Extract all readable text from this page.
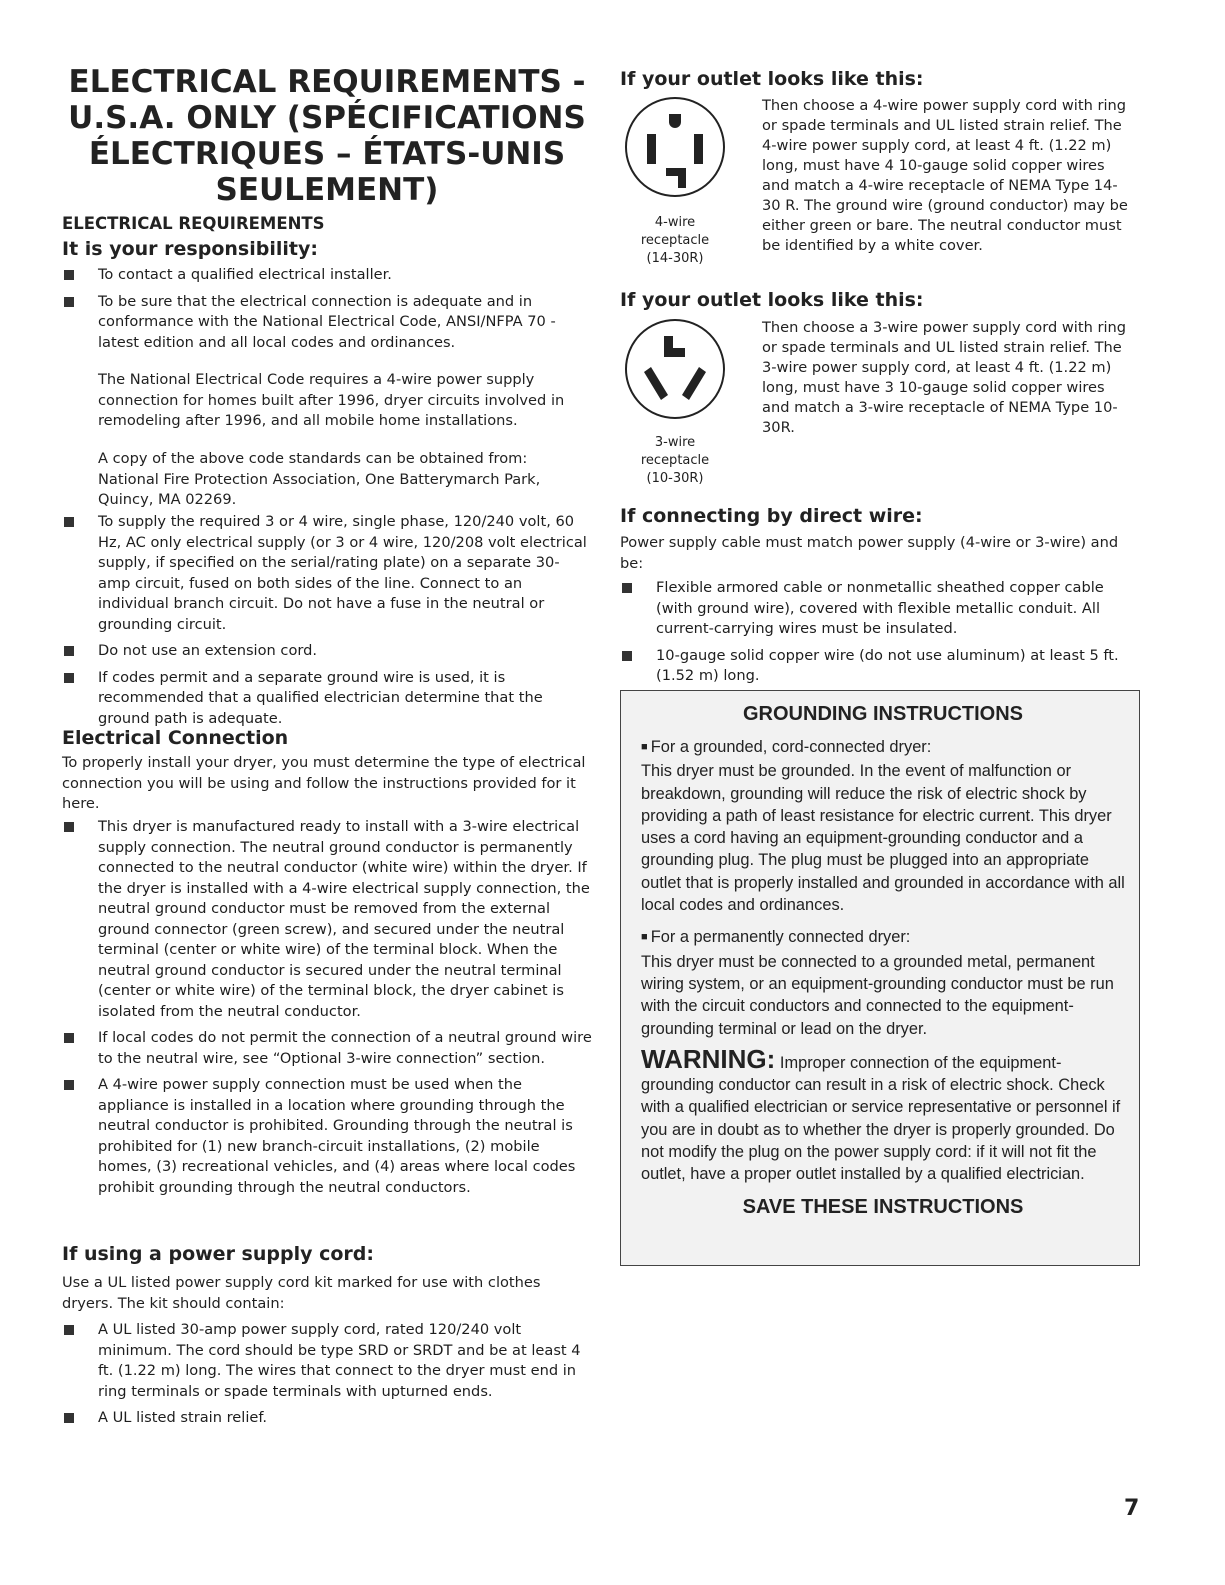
ELECTRICAL REQUIREMENTS -
U.S.A. ONLY (SPÉCIFICATIONS
ÉLECTRIQUES – ÉTATS-UNIS
SEULEMENT)
ELECTRICAL REQUIREMENTS
It is your responsibility:
To contact a qualified electrical installer.
To be sure that the electrical connection is adequate and in conformance with the National Electrical Code, ANSI/NFPA 70 - latest edition and all local codes and ordinances.

The National Electrical Code requires a 4-wire power supply connection for homes built after 1996, dryer circuits involved in remodeling after 1996, and all mobile home installations.

A copy of the above code standards can be obtained from: National Fire Protection Association, One Batterymarch Park, Quincy, MA 02269.

To supply the required 3 or 4 wire, single phase, 120/240 volt, 60 Hz, AC only electrical supply (or 3 or 4 wire, 120/208 volt electrical supply, if specified on the serial/rating plate) on a separate 30-amp circuit, fused on both sides of the line. Connect to an individual branch circuit. Do not have a fuse in the neutral or grounding circuit.
Do not use an extension cord.
If codes permit and a separate ground wire is used, it is recommended that a qualified electrician determine that the ground path is adequate.
Electrical Connection

To properly install your dryer, you must determine the type of electrical connection you will be using and follow the instructions provided for it here.

This dryer is manufactured ready to install with a 3-wire electrical supply connection. The neutral ground conductor is permanently connected to the neutral conductor (white wire) within the dryer. If the dryer is installed with a 4-wire electrical supply connection, the neutral ground conductor must be removed from the external ground connector (green screw), and secured under the neutral terminal (center or white wire) of the terminal block. When the neutral ground conductor is secured under the neutral terminal (center or white wire) of the terminal block, the dryer cabinet is isolated from the neutral conductor.
If local codes do not permit the connection of a neutral ground wire to the neutral wire, see “Optional 3-wire connection” section.
A 4-wire power supply connection must be used when the appliance is installed in a location where grounding through the neutral conductor is prohibited. Grounding through the neutral is prohibited for (1) new branch-circuit installations, (2) mobile homes, (3) recreational vehicles, and (4) areas where local codes prohibit grounding through the neutral conductors.
If using a power supply cord:

Use a UL listed power supply cord kit marked for use with clothes dryers. The kit should contain:

A UL listed 30-amp power supply cord, rated 120/240 volt minimum. The cord should be type SRD or SRDT and be at least 4 ft. (1.22 m) long. The wires that connect to the dryer must end in ring terminals or spade terminals with upturned ends.
A UL listed strain relief.
If your outlet looks like this:
4-wire
receptacle
(14-30R)

Then choose a 4-wire power supply cord with ring or spade terminals and UL listed strain relief. The 4-wire power supply cord, at least 4 ft. (1.22 m) long, must have 4 10-gauge solid copper wires and match a 4-wire receptacle of NEMA Type 14-30 R. The ground wire (ground conductor) may be either green or bare. The neutral conductor must be identified by a white cover.

If your outlet looks like this:
3-wire
receptacle
(10-30R)

Then choose a 3-wire power supply cord with ring or spade terminals and UL listed strain relief. The 3-wire power supply cord, at least 4 ft. (1.22 m) long, must have 3 10-gauge solid copper wires and match a 3-wire receptacle of NEMA Type 10-30R.

If connecting by direct wire:

Power supply cable must match power supply (4-wire or 3-wire) and be:

Flexible armored cable or nonmetallic sheathed copper cable (with ground wire), covered with flexible metallic conduit. All current-carrying wires must be insulated.
10-gauge solid copper wire (do not use aluminum) at least 5 ft. (1.52 m) long.
GROUNDING INSTRUCTIONS

■ For a grounded, cord-connected dryer:
This dryer must be grounded. In the event of malfunction or breakdown, grounding will reduce the risk of electric shock by providing a path of least resistance for electric current. This dryer uses a cord having an equipment-grounding conductor and a grounding plug. The plug must be plugged into an appropriate outlet that is properly installed and grounded in accordance with all local codes and ordinances.

■ For a permanently connected dryer:
This dryer must be connected to a grounded metal, permanent wiring system, or an equipment-grounding conductor must be run with the circuit conductors and connected to the equipment-grounding terminal or lead on the dryer.

WARNING: Improper connection of the equipment-grounding conductor can result in a risk of electric shock. Check with a qualified electrician or service representative or personnel if you are in doubt as to whether the dryer is properly grounded. Do not modify the plug on the power supply cord: if it will not fit the outlet, have a proper outlet installed by a qualified electrician.

SAVE THESE INSTRUCTIONS
7
